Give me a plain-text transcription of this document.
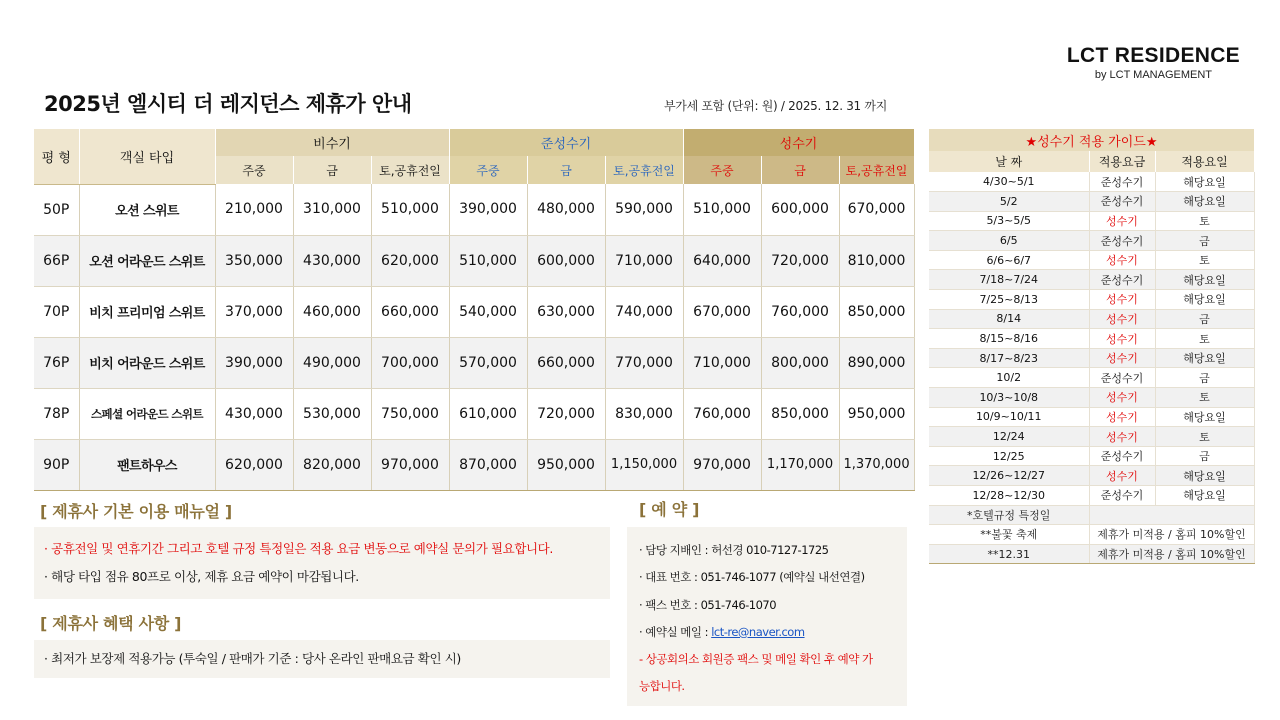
LCT RESIDENCE
by LCT MANAGEMENT
2025년 엘시티 더 레지던스 제휴가 안내	부가세 포함 (단위: 원) / 2025. 12. 31 까지
평 형	객실 타입	비수기			준성수기			성수기		
		주중	금	토,공휴전일	주중	금	토,공휴전일	주중	금	토,공휴전일
50P	오션 스위트	210,000	310,000	510,000	390,000	480,000	590,000	510,000	600,000	670,000
66P	오션 어라운드 스위트	350,000	430,000	620,000	510,000	600,000	710,000	640,000	720,000	810,000
70P	비치 프리미엄 스위트	370,000	460,000	660,000	540,000	630,000	740,000	670,000	760,000	850,000
76P	비치 어라운드 스위트	390,000	490,000	700,000	570,000	660,000	770,000	710,000	800,000	890,000
78P	스페셜 어라운드 스위트	430,000	530,000	750,000	610,000	720,000	830,000	760,000	850,000	950,000
90P	팬트하우스	620,000	820,000	970,000	870,000	950,000	1,150,000	970,000	1,170,000	1,370,000
[ 제휴사 기본 이용 매뉴얼 ]

· 공휴전일 및 연휴기간 그리고 호텔 규정 특정일은 적용 요금 변동으로 예약실 문의가 필요합니다.

· 해당 타입 점유 80프로 이상, 제휴 요금 예약이 마감됩니다.

[ 제휴사 혜택 사항 ]

· 최저가 보장제 적용가능 (투숙일 / 판매가 기준 : 당사 온라인 판매요금 확인 시)

[ 예 약 ]

· 담당 지배인 : 허선경 010-7127-1725

· 대표 번호 : 051-746-1077 (예약실 내선연결)

· 팩스 번호 : 051-746-1070

· 예약실 메일 : lct-re@naver.com

- 상공회의소 회원증 팩스 및 메일 확인 후 예약 가

능합니다.

★성수기 적용 가이드★		
날 짜	적용요금	적용요일
4/30~5/1	준성수기	해당요일
5/2	준성수기	해당요일
5/3~5/5	성수기	토
6/5	준성수기	금
6/6~6/7	성수기	토
7/18~7/24	준성수기	해당요일
7/25~8/13	성수기	해당요일
8/14	성수기	금
8/15~8/16	성수기	토
8/17~8/23	성수기	해당요일
10/2	준성수기	금
10/3~10/8	성수기	토
10/9~10/11	성수기	해당요일
12/24	성수기	토
12/25	준성수기	금
12/26~12/27	성수기	해당요일
12/28~12/30	준성수기	해당요일
*호텔규정 특정일		
**불꽃 축제	제휴가 미적용 / 홈피 10%할인	
**12.31	제휴가 미적용 / 홈피 10%할인	
